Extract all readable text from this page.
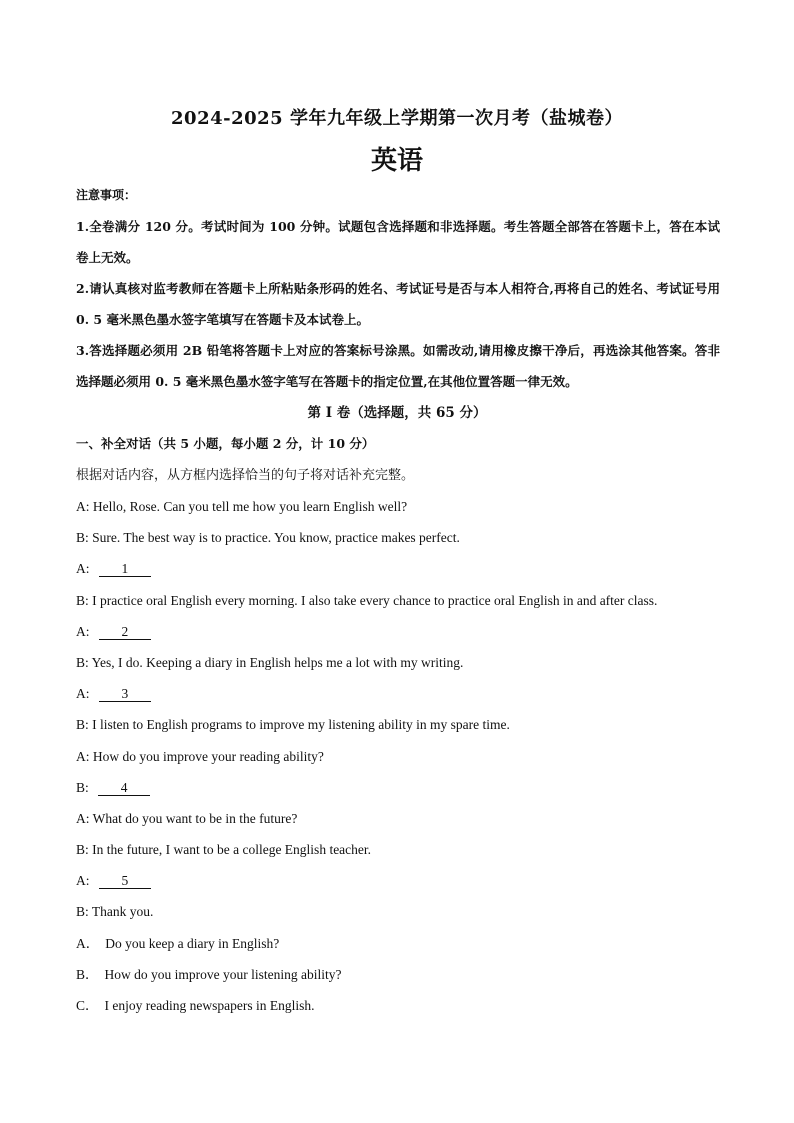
2024-2025 学年九年级上学期第一次月考（盐城卷）
英语
注意事项：
1.全卷满分 120 分。考试时间为 100 分钟。试题包含选择题和非选择题。考生答题全部答在答题卡上，答在本试卷上无效。
2.请认真核对监考教师在答题卡上所粘贴条形码的姓名、考试证号是否与本人相符合,再将自己的姓名、考试证号用 0. 5 毫米黑色墨水签字笔填写在答题卡及本试卷上。
3.答选择题必须用 2B 铅笔将答题卡上对应的答案标号涂黑。如需改动,请用橡皮擦干净后，再选涂其他答案。答非选择题必须用 0. 5 毫米黑色墨水签字笔写在答题卡的指定位置,在其他位置答题一律无效。
第 I 卷（选择题，共 65 分）
一、补全对话（共 5 小题，每小题 2 分，计 10 分）
根据对话内容，从方框内选择恰当的句子将对话补充完整。
A: Hello, Rose. Can you tell me how you learn English well?
B: Sure. The best way is to practice. You know, practice makes perfect.
A: 1
B: I practice oral English every morning. I also take every chance to practice oral English in and after class.
A: 2
B: Yes, I do. Keeping a diary in English helps me a lot with my writing.
A: 3
B: I listen to English programs to improve my listening ability in my spare time.
A: How do you improve your reading ability?
B: 4
A: What do you want to be in the future?
B: In the future, I want to be a college English teacher.
A: 5
B: Thank you.
A． Do you keep a diary in English?
B． How do you improve your listening ability?
C． I enjoy reading newspapers in English.
